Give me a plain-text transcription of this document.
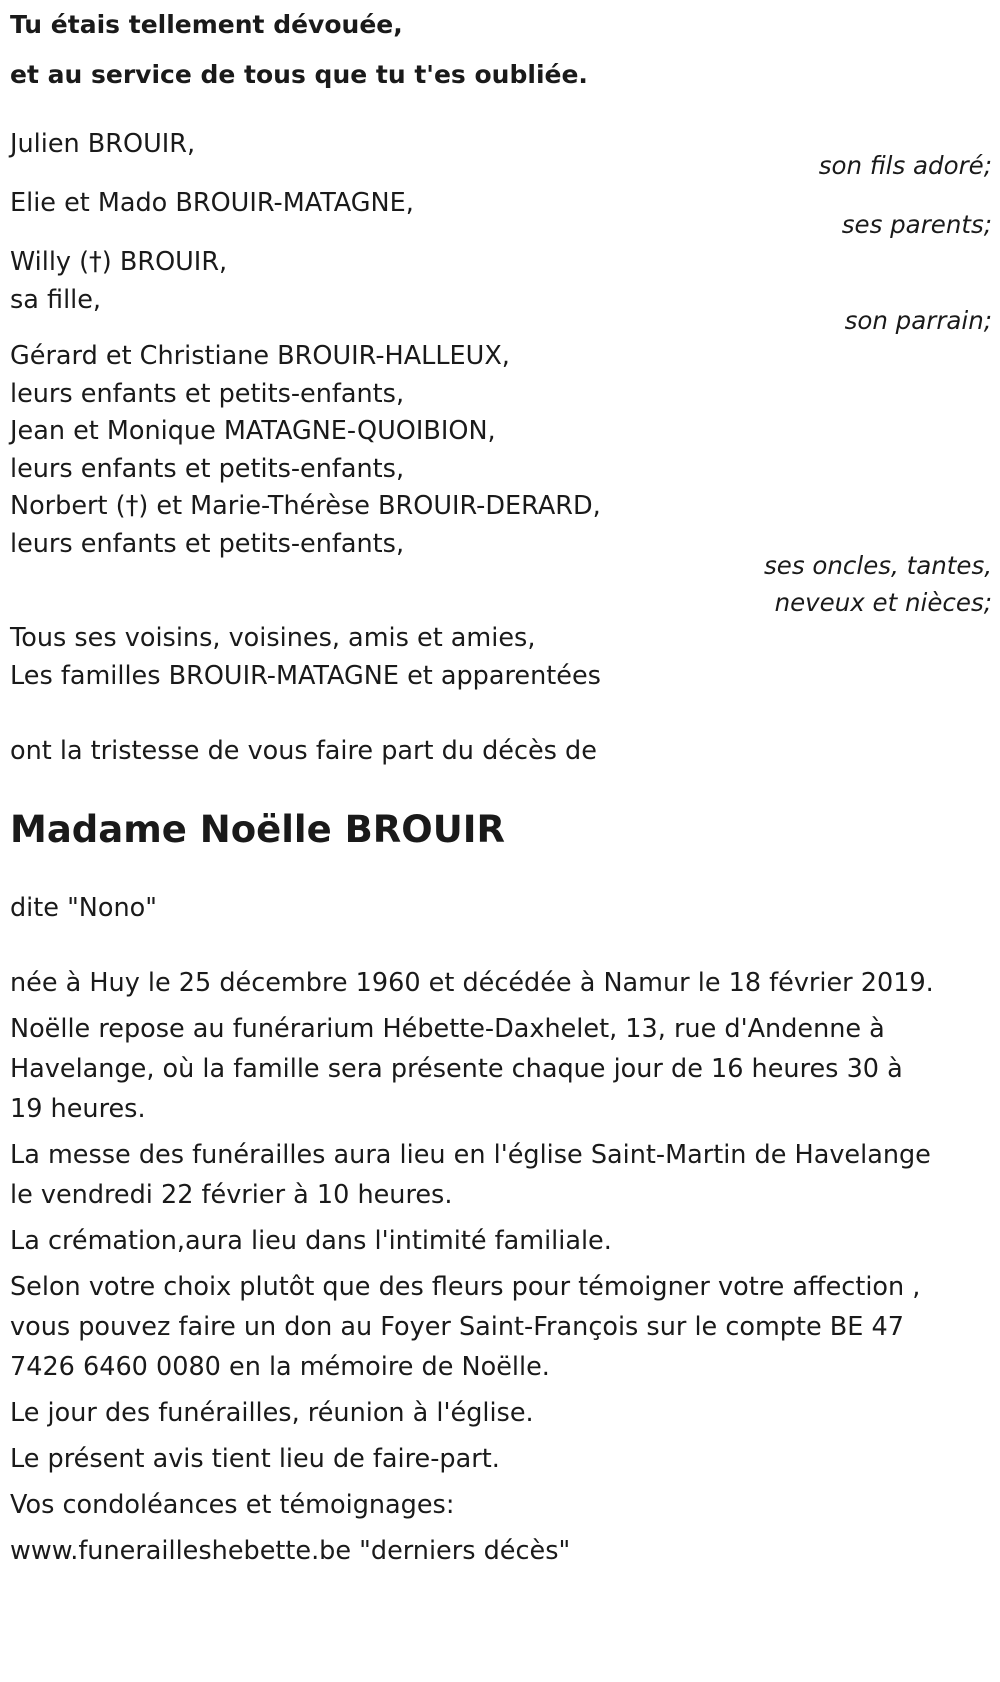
Tu étais tellement dévouée,
et au service de tous que tu t'es oubliée.
Julien BROUIR,
son fils adoré;
Elie et Mado BROUIR-MATAGNE,
ses parents;
Willy (†) BROUIR,
sa fille,
son parrain;
Gérard et Christiane BROUIR-HALLEUX,
leurs enfants et petits-enfants,
Jean et Monique MATAGNE-QUOIBION,
leurs enfants et petits-enfants,
Norbert (†) et Marie-Thérèse BROUIR-DERARD,
leurs enfants et petits-enfants,
ses oncles, tantes,
neveux et nièces;
Tous ses voisins, voisines, amis et amies,
Les familles BROUIR-MATAGNE et apparentées
ont la tristesse de vous faire part du décès de
Madame Noëlle BROUIR
dite "Nono"
née à Huy le 25 décembre 1960 et décédée à Namur le 18 février 2019.
Noëlle repose au funérarium Hébette-Daxhelet, 13, rue d'Andenne à Havelange, où la famille sera présente chaque jour de 16 heures 30 à 19 heures.
La messe des funérailles aura lieu en l'église Saint-Martin de Havelange le vendredi 22 février à 10 heures.
La crémation,aura lieu dans l'intimité familiale.
Selon votre choix plutôt que des fleurs pour témoigner votre affection , vous pouvez faire un don au Foyer Saint-François sur le compte BE 47 7426 6460 0080 en la mémoire de Noëlle.
Le jour des funérailles, réunion à l'église.
Le présent avis tient lieu de faire-part.
Vos condoléances et témoignages:
www.funerailleshebette.be "derniers décès"
